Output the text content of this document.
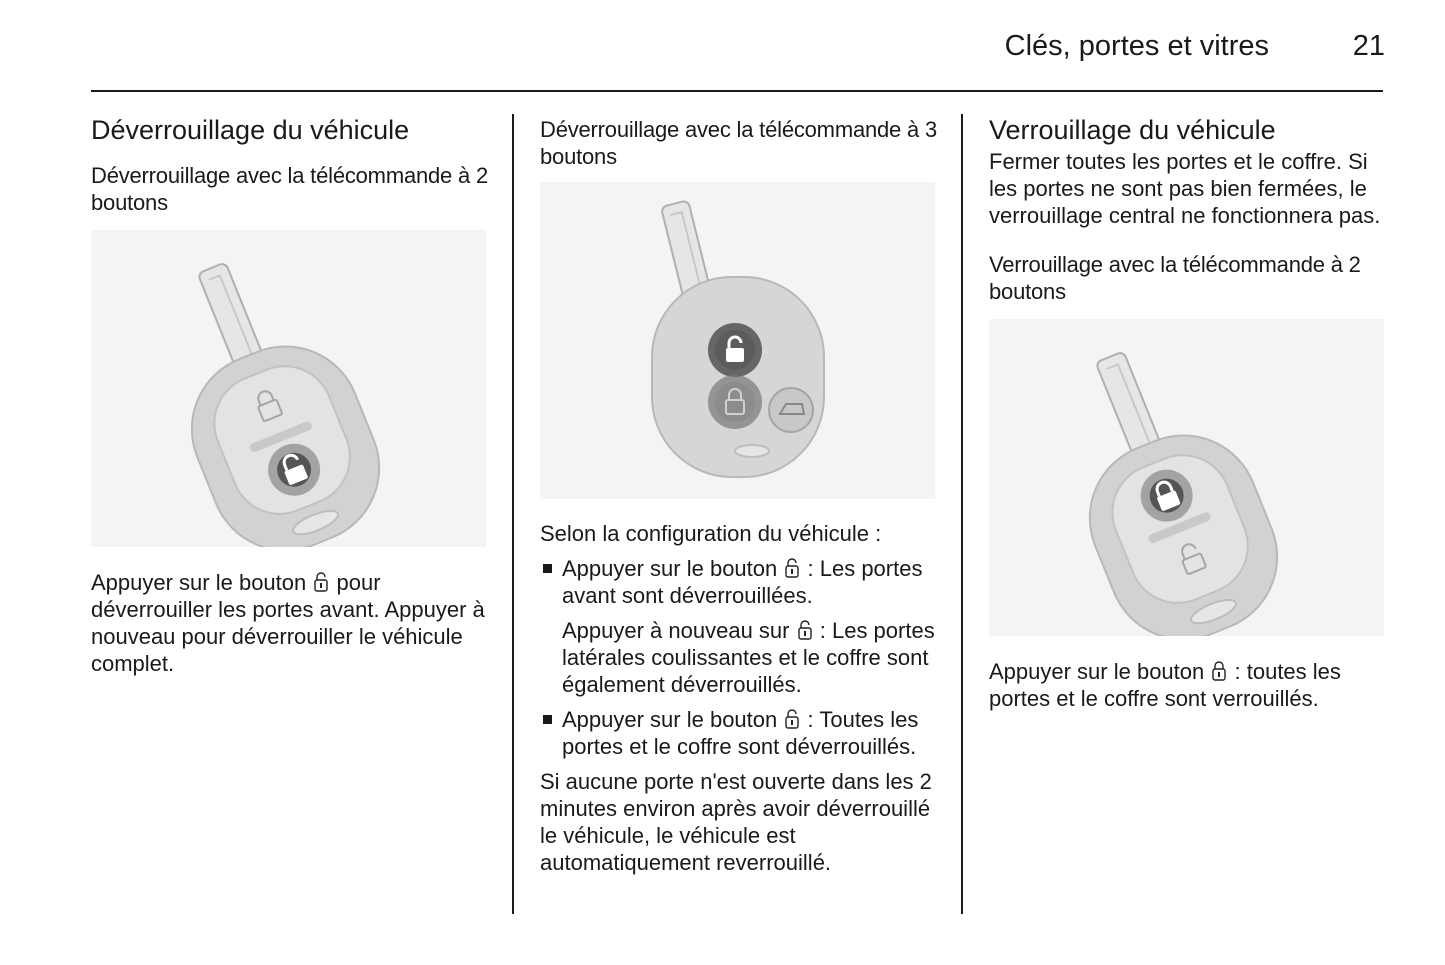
Clés, portes et vitres	21
Déverrouillage du véhicule
Déverrouillage avec la télécommande à 2 boutons

Appuyer sur le bouton pour déverrouiller les portes avant. Appuyer à nouveau pour déverrouiller le véhicule complet.

Déverrouillage avec la télécommande à 3 boutons

Selon la configuration du véhicule :

Appuyer sur le bouton : Les portes avant sont déverrouillées.

Appuyer à nouveau sur : Les portes latérales coulissantes et le coffre sont également déverrouillés.

Appuyer sur le bouton : Toutes les portes et le coffre sont déverrouillés.

Si aucune porte n'est ouverte dans les 2 minutes environ après avoir déverrouillé le véhicule, le véhicule est automatiquement reverrouillé.

Verrouillage du véhicule

Fermer toutes les portes et le coffre. Si les portes ne sont pas bien fermées, le verrouillage central ne fonctionnera pas.

Verrouillage avec la télécommande à 2 boutons

Appuyer sur le bouton : toutes les portes et le coffre sont verrouillés.
